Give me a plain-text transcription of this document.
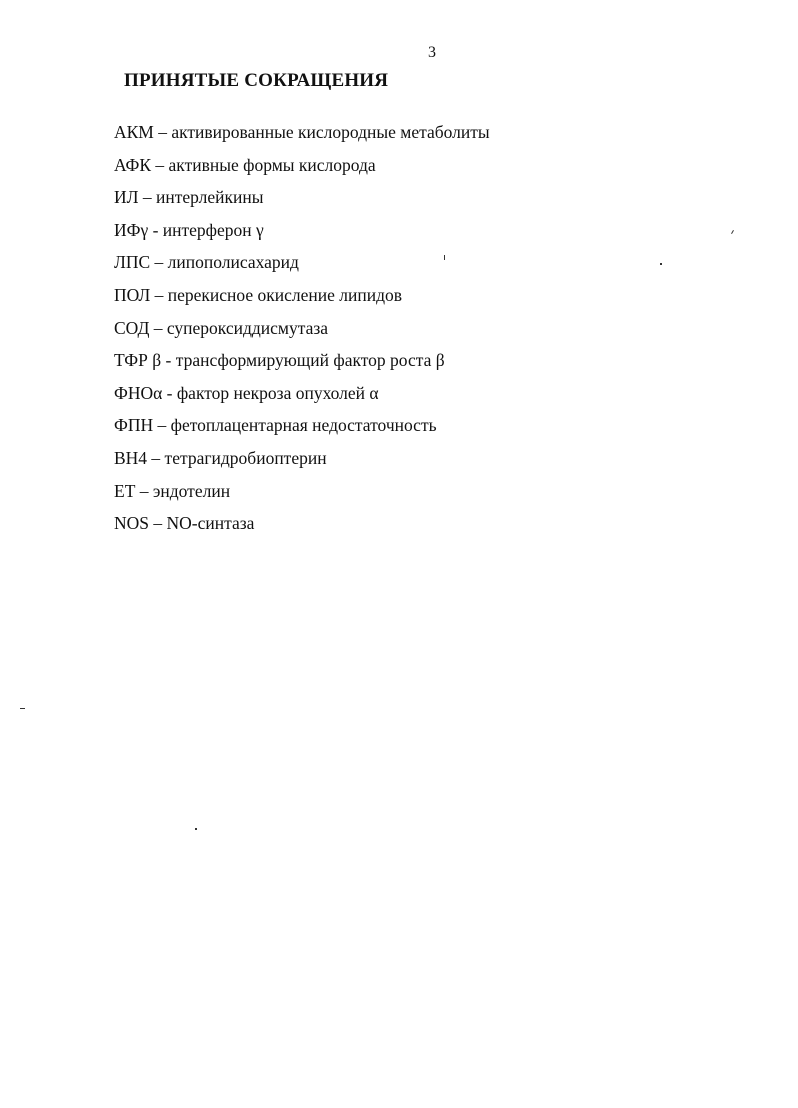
3
ПРИНЯТЫЕ СОКРАЩЕНИЯ
АКМ – активированные кислородные метаболиты
АФК – активные формы кислорода
ИЛ – интерлейкины
ИФγ - интерферон γ
ЛПС – липополисахарид
ПОЛ – перекисное окисление липидов
СОД – супероксиддисмутаза
ТФР β - трансформирующий фактор роста β
ФНОα - фактор некроза опухолей α
ФПН – фетоплацентарная недостаточность
ВН4 – тетрагидробиоптерин
ЕТ – эндотелин
NOS – NO-синтаза
